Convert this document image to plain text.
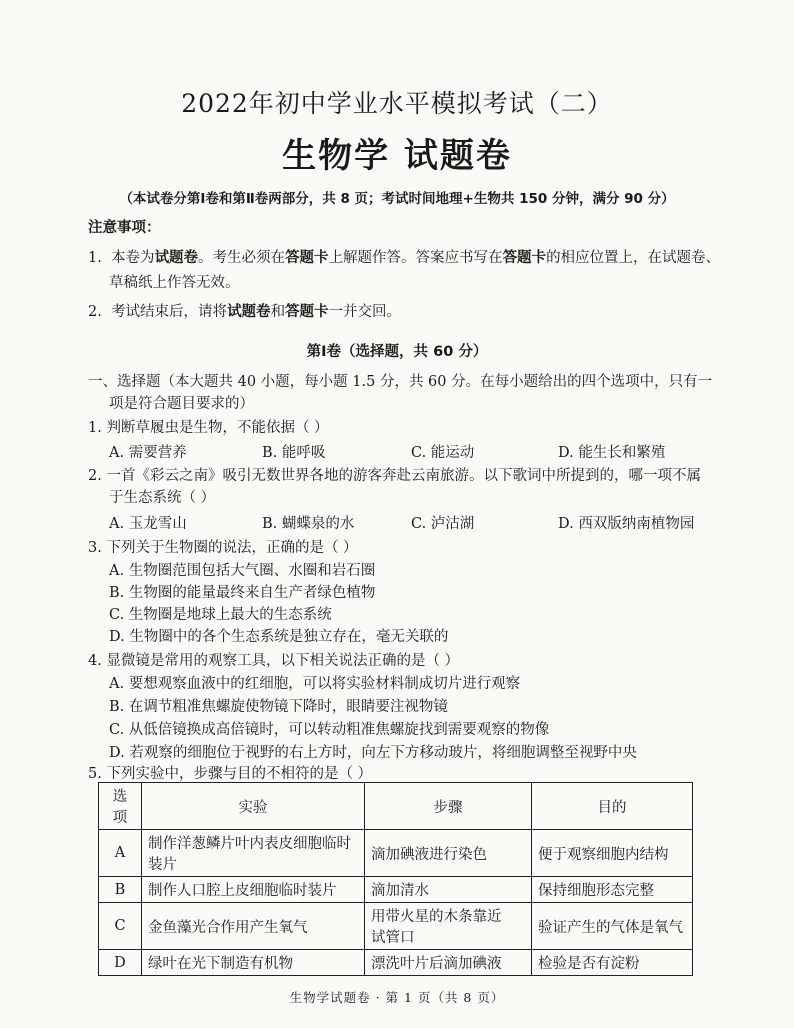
2022年初中学业水平模拟考试（二）
生物学 试题卷
（本试卷分第Ⅰ卷和第Ⅱ卷两部分，共 8 页；考试时间地理+生物共 150 分钟，满分 90 分）
注意事项：
1. 本卷为试题卷。考生必须在答题卡上解题作答。答案应书写在答题卡的相应位置上，在试题卷、
草稿纸上作答无效。
2. 考试结束后，请将试题卷和答题卡一并交回。
第Ⅰ卷（选择题，共 60 分）
一、选择题（本大题共 40 小题，每小题 1.5 分，共 60 分。在每小题给出的四个选项中，只有一
项是符合题目要求的）
1. 判断草履虫是生物，不能依据（ ）
A. 需要营养	B. 能呼吸	C. 能运动	D. 能生长和繁殖
2. 一首《彩云之南》吸引无数世界各地的游客奔赴云南旅游。以下歌词中所提到的，哪一项不属
于生态系统（ ）
A. 玉龙雪山	B. 蝴蝶泉的水	C. 泸沽湖	D. 西双版纳南植物园
3. 下列关于生物圈的说法，正确的是（ ）
A. 生物圈范围包括大气圈、水圈和岩石圈
B. 生物圈的能量最终来自生产者绿色植物
C. 生物圈是地球上最大的生态系统
D. 生物圈中的各个生态系统是独立存在，毫无关联的
4. 显微镜是常用的观察工具，以下相关说法正确的是（ ）
A. 要想观察血液中的红细胞，可以将实验材料制成切片进行观察
B. 在调节粗准焦螺旋使物镜下降时，眼睛要注视物镜
C. 从低倍镜换成高倍镜时，可以转动粗准焦螺旋找到需要观察的物像
D. 若观察的细胞位于视野的右上方时，向左下方移动玻片，将细胞调整至视野中央
5. 下列实验中，步骤与目的不相符的是（ ）
选
项	实验	步骤	目的
A	制作洋葱鳞片叶内表皮细胞临时
装片	滴加碘液进行染色	便于观察细胞内结构
B	制作人口腔上皮细胞临时装片	滴加清水	保持细胞形态完整
C	金鱼藻光合作用产生氧气	用带火星的木条靠近
试管口	验证产生的气体是氧气
D	绿叶在光下制造有机物	漂洗叶片后滴加碘液	检验是否有淀粉
生物学试题卷 · 第 1 页（共 8 页）
